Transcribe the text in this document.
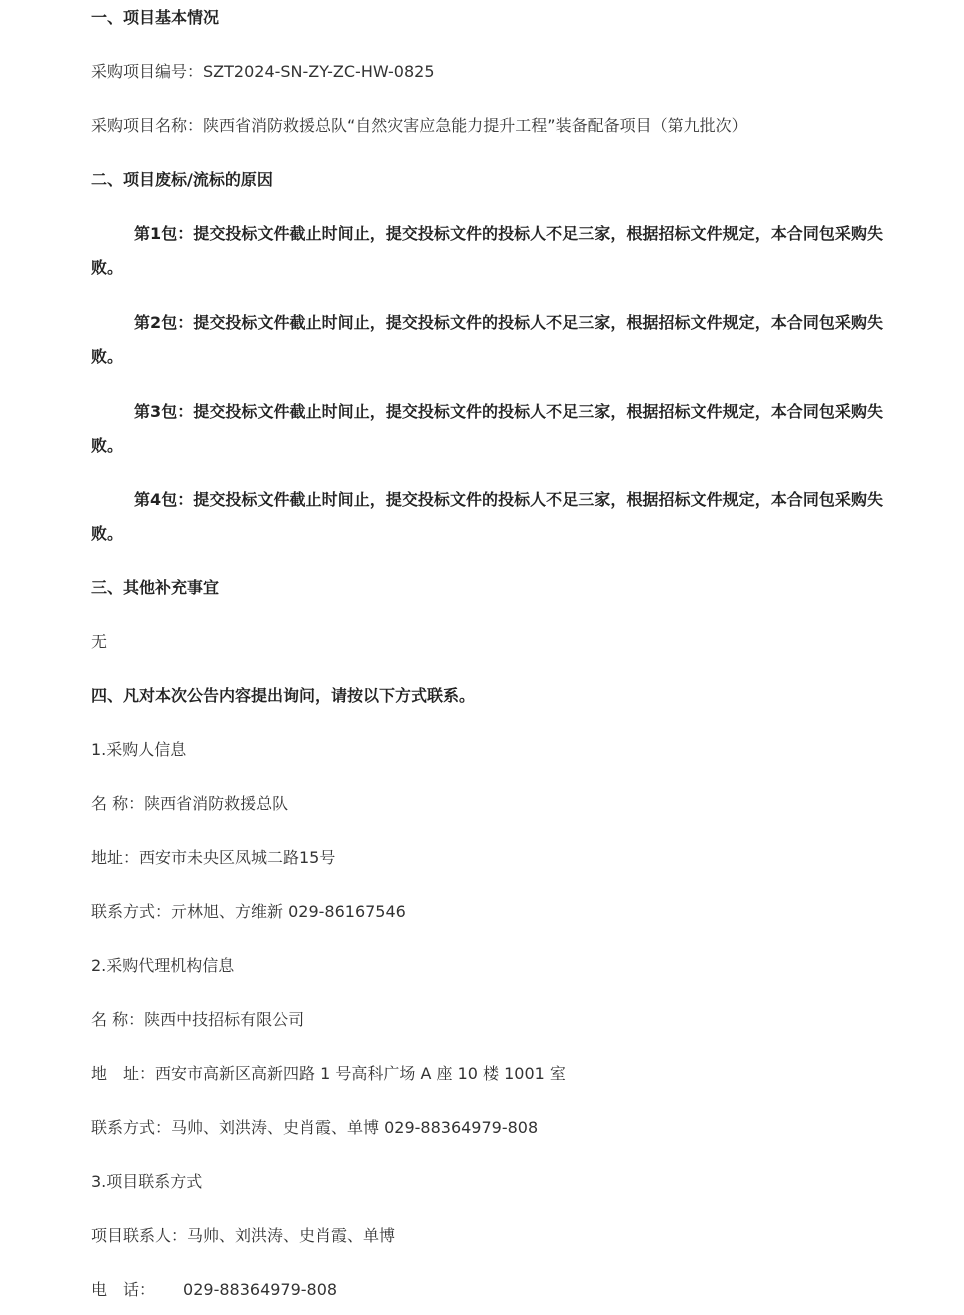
一、项目基本情况
采购项目编号：SZT2024-SN-ZY-ZC-HW-0825
采购项目名称：陕西省消防救援总队“自然灾害应急能力提升工程”装备配备项目（第九批次）
二、项目废标/流标的原因
第1包：提交投标文件截止时间止，提交投标文件的投标人不足三家，根据招标文件规定，本合同包采购失败。
第2包：提交投标文件截止时间止，提交投标文件的投标人不足三家，根据招标文件规定，本合同包采购失败。
第3包：提交投标文件截止时间止，提交投标文件的投标人不足三家，根据招标文件规定，本合同包采购失败。
第4包：提交投标文件截止时间止，提交投标文件的投标人不足三家，根据招标文件规定，本合同包采购失败。
三、其他补充事宜
无
四、凡对本次公告内容提出询问，请按以下方式联系。
1.采购人信息
名 称：陕西省消防救援总队
地址：西安市未央区凤城二路15号
联系方式：亓林旭、方维新 029-86167546
2.采购代理机构信息
名 称：陕西中技招标有限公司
地 址：西安市高新区高新四路 1 号高科广场 A 座 10 楼 1001 室
联系方式：马帅、刘洪涛、史肖霞、单博 029-88364979-808
3.项目联系方式
项目联系人：马帅、刘洪涛、史肖霞、单博
电 话： 029-88364979-808
